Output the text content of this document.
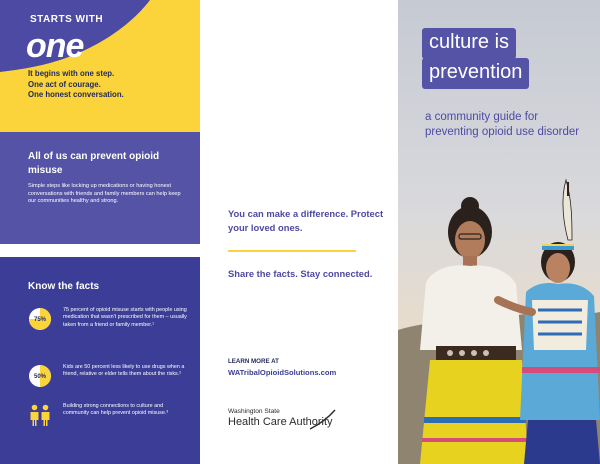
STARTS WITH
one
It begins with one step.
One act of courage.
One honest conversation.
All of us can prevent opioid misuse
Simple steps like locking up medications or having honest conversations with friends and family members can help keep our communities healthy and strong.
Know the facts
75%
75 percent of opioid misuse starts with people using medication that wasn't prescribed for them – usually taken from a friend or family member.¹
50%
Kids are 50 percent less likely to use drugs when a friend, relative or elder tells them about the risks.²
Building strong connections to culture and community can help prevent opioid misuse.³
You can make a difference. Protect your loved ones.
Share the facts. Stay connected.
LEARN MORE AT
WATribalOpioidSolutions.com
Washington State
Health Care Authority
culture is
prevention
a community guide for preventing opioid use disorder
